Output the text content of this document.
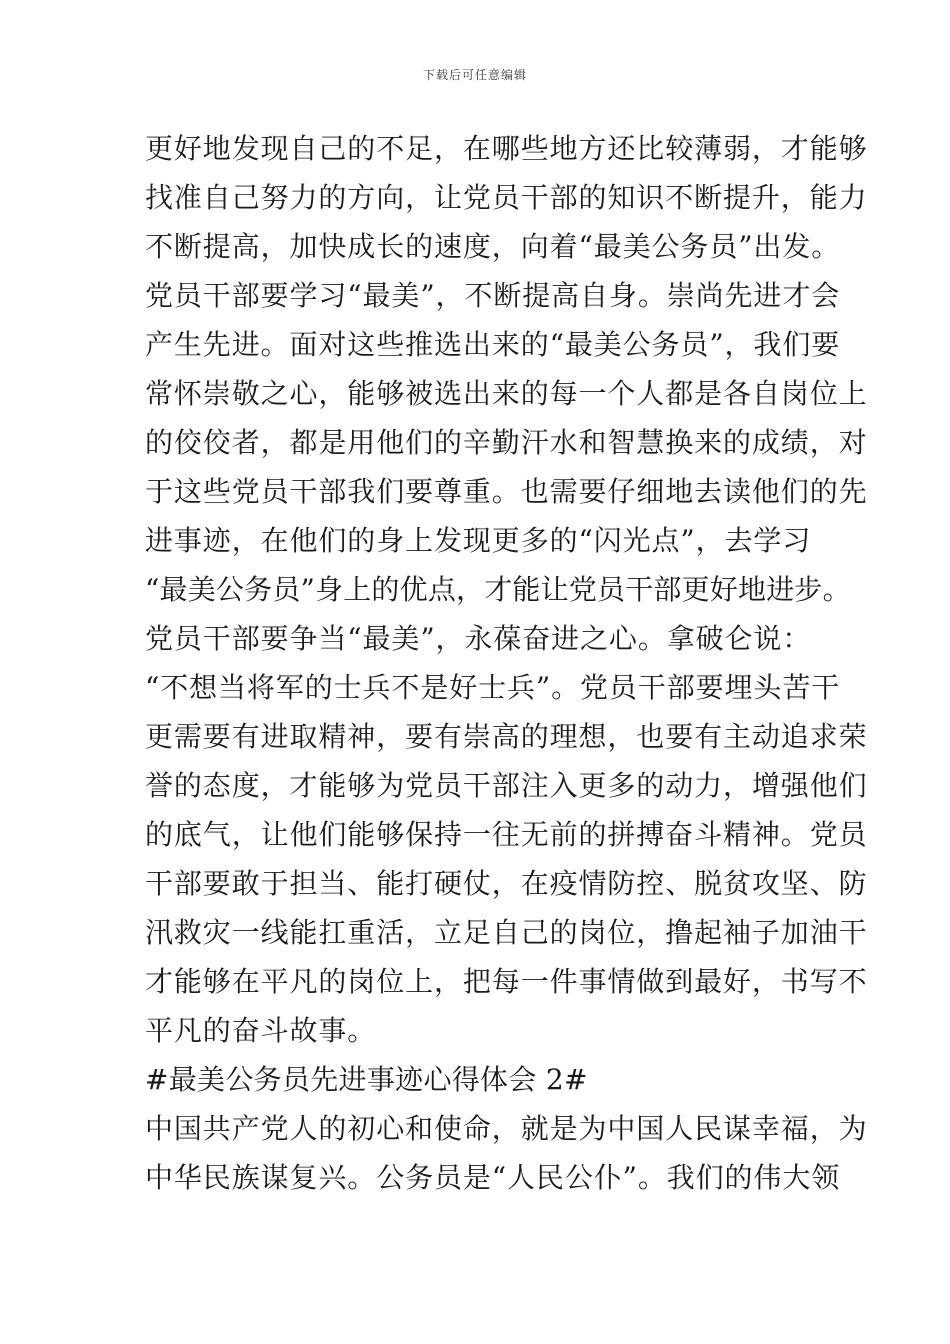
下载后可任意编辑
更好地发现自己的不足，在哪些地方还比较薄弱，才能够
找准自己努力的方向，让党员干部的知识不断提升，能力
不断提高，加快成长的速度，向着“最美公务员”出发。
党员干部要学习“最美”，不断提高自身。崇尚先进才会
产生先进。面对这些推选出来的“最美公务员”，我们要
常怀崇敬之心，能够被选出来的每一个人都是各自岗位上
的佼佼者，都是用他们的辛勤汗水和智慧换来的成绩，对
于这些党员干部我们要尊重。也需要仔细地去读他们的先
进事迹，在他们的身上发现更多的“闪光点”，去学习
“最美公务员”身上的优点，才能让党员干部更好地进步。
党员干部要争当“最美”，永葆奋进之心。拿破仑说：
“不想当将军的士兵不是好士兵”。党员干部要埋头苦干
更需要有进取精神，要有崇高的理想，也要有主动追求荣
誉的态度，才能够为党员干部注入更多的动力，增强他们
的底气，让他们能够保持一往无前的拼搏奋斗精神。党员
干部要敢于担当、能打硬仗，在疫情防控、脱贫攻坚、防
汛救灾一线能扛重活，立足自己的岗位，撸起袖子加油干
才能够在平凡的岗位上，把每一件事情做到最好，书写不
平凡的奋斗故事。
#最美公务员先进事迹心得体会 2#
中国共产党人的初心和使命，就是为中国人民谋幸福，为
中华民族谋复兴。公务员是“人民公仆”。我们的伟大领
